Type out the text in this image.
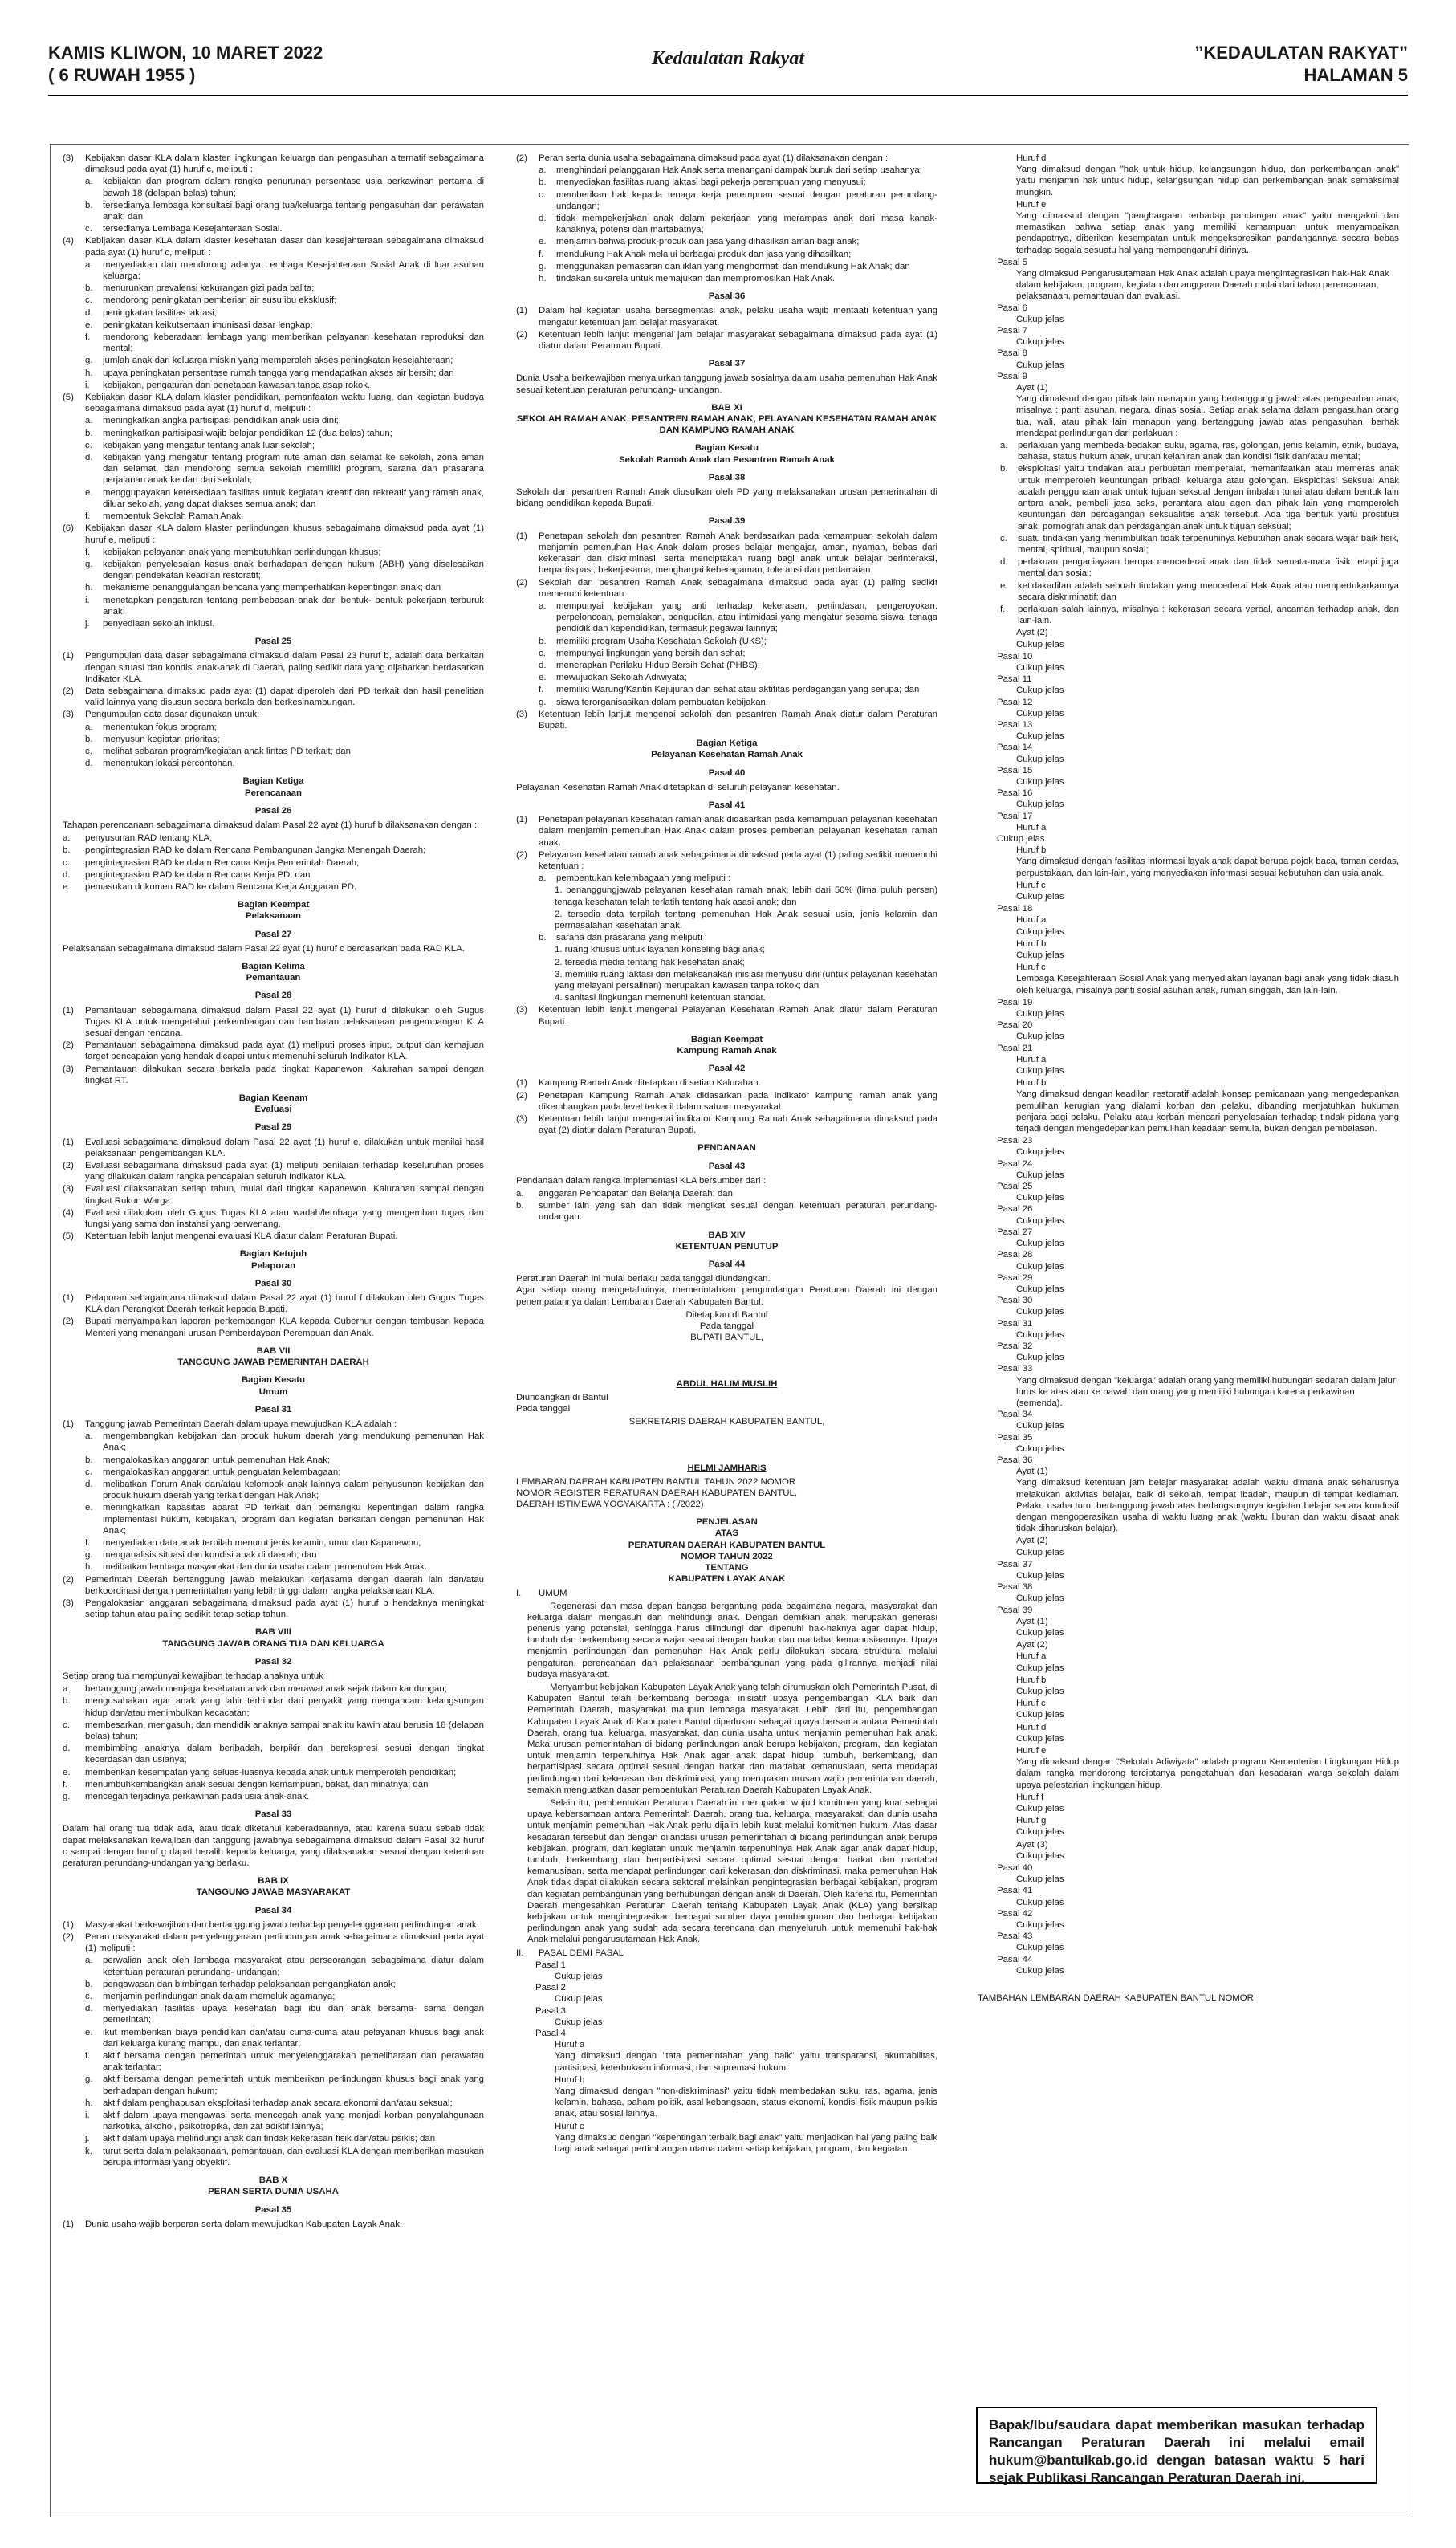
KAMIS KLIWON, 10 MARET 2022
( 6 RUWAH 1955 )
Kedaulatan Rakyat	”KEDAULATAN RAKYAT”
HALAMAN 5
(3) Kebijakan dasar KLA dalam klaster lingkungan keluarga dan pengasuhan alternatif sebagaimana dimaksud pada ayat (1) huruf c, meliputi :
a. kebijakan dan program dalam rangka penurunan persentase usia perkawinan pertama di bawah 18 (delapan belas) tahun;
b. tersedianya lembaga konsultasi bagi orang tua/keluarga tentang pengasuhan dan perawatan anak; dan
c. tersedianya Lembaga Kesejahteraan Sosial.
(4) Kebijakan dasar KLA dalam klaster kesehatan dasar dan kesejahteraan sebagaimana dimaksud pada ayat (1) huruf c, meliputi :
a. menyediakan dan mendorong adanya Lembaga Kesejahteraan Sosial Anak di luar asuhan keluarga;
b. menurunkan prevalensi kekurangan gizi pada balita;
c. mendorong peningkatan pemberian air susu ibu eksklusif;
d. peningkatan fasilitas laktasi;
e. peningkatan keikutsertaan imunisasi dasar lengkap;
f. mendorong keberadaan lembaga yang memberikan pelayanan kesehatan reproduksi dan mental;
g. jumlah anak dari keluarga miskin yang memperoleh akses peningkatan kesejahteraan;
h. upaya peningkatan persentase rumah tangga yang mendapatkan akses air bersih; dan
i. kebijakan, pengaturan dan penetapan kawasan tanpa asap rokok.
(5) Kebijakan dasar KLA dalam klaster pendidikan, pemanfaatan waktu luang, dan kegiatan budaya sebagaimana dimaksud pada ayat (1) huruf d, meliputi :
a. meningkatkan angka partisipasi pendidikan anak usia dini;
b. meningkatkan partisipasi wajib belajar pendidikan 12 (dua belas) tahun;
c. kebijakan yang mengatur tentang anak luar sekolah;
d. kebijakan yang mengatur tentang program rute aman dan selamat ke sekolah, zona aman dan selamat, dan mendorong semua sekolah memiliki program, sarana dan prasarana perjalanan anak ke dan dari sekolah;
e. menggupayakan ketersediaan fasilitas untuk kegiatan kreatif dan rekreatif yang ramah anak, diluar sekolah, yang dapat diakses semua anak; dan
f. membentuk Sekolah Ramah Anak.
(6) Kebijakan dasar KLA dalam klaster perlindungan khusus sebagaimana dimaksud pada ayat (1) huruf e, meliputi :
f. kebijakan pelayanan anak yang membutuhkan perlindungan khusus;
g. kebijakan penyelesaian kasus anak berhadapan dengan hukum (ABH) yang diselesaikan dengan pendekatan keadilan restoratif;
h. mekanisme penanggulangan bencana yang memperhatikan kepentingan anak; dan
i. menetapkan pengaturan tentang pembebasan anak dari bentuk- bentuk pekerjaan terburuk anak;
j. penyediaan sekolah inklusi.
Pasal 25
(1) Pengumpulan data dasar sebagaimana dimaksud dalam Pasal 23 huruf b, adalah data berkaitan dengan situasi dan kondisi anak-anak di Daerah, paling sedikit data yang dijabarkan berdasarkan Indikator KLA.
(2) Data sebagaimana dimaksud pada ayat (1) dapat diperoleh dari PD terkait dan hasil penelitian valid lainnya yang disusun secara berkala dan berkesinambungan.
(3) Pengumpulan data dasar digunakan untuk:
a. menentukan fokus program;
b. menyusun kegiatan prioritas;
c. melihat sebaran program/kegiatan anak lintas PD terkait; dan
d. menentukan lokasi percontohan.
Bagian Ketiga
Perencanaan
Pasal 26
Tahapan perencanaan sebagaimana dimaksud dalam Pasal 22 ayat (1) huruf b dilaksanakan dengan :
a. penyusunan RAD tentang KLA;
b. pengintegrasian RAD ke dalam Rencana Pembangunan Jangka Menengah Daerah;
c. pengintegrasian RAD ke dalam Rencana Kerja Pemerintah Daerah;
d. pengintegrasian RAD ke dalam Rencana Kerja PD; dan
e. pemasukan dokumen RAD ke dalam Rencana Kerja Anggaran PD.
Bagian Keempat
Pelaksanaan
Pasal 27
Pelaksanaan sebagaimana dimaksud dalam Pasal 22 ayat (1) huruf c berdasarkan pada RAD KLA.
Bagian Kelima
Pemantauan
Pasal 28
(1) Pemantauan sebagaimana dimaksud dalam Pasal 22 ayat (1) huruf d dilakukan oleh Gugus Tugas KLA untuk mengetahui perkembangan dan hambatan pelaksanaan pengembangan KLA sesuai dengan rencana.
(2) Pemantauan sebagaimana dimaksud pada ayat (1) meliputi proses input, output dan kemajuan target pencapaian yang hendak dicapai untuk memenuhi seluruh Indikator KLA.
(3) Pemantauan dilakukan secara berkala pada tingkat Kapanewon, Kalurahan sampai dengan tingkat RT.
Bagian Keenam
Evaluasi
Pasal 29
(1) Evaluasi sebagaimana dimaksud dalam Pasal 22 ayat (1) huruf e, dilakukan untuk menilai hasil pelaksanaan pengembangan KLA.
(2) Evaluasi sebagaimana dimaksud pada ayat (1) meliputi penilaian terhadap keseluruhan proses yang dilakukan dalam rangka pencapaian seluruh Indikator KLA.
(3) Evaluasi dilaksanakan setiap tahun, mulai dari tingkat Kapanewon, Kalurahan sampai dengan tingkat Rukun Warga.
(4) Evaluasi dilakukan oleh Gugus Tugas KLA atau wadah/lembaga yang mengemban tugas dan fungsi yang sama dan instansi yang berwenang.
(5) Ketentuan lebih lanjut mengenai evaluasi KLA diatur dalam Peraturan Bupati.
Bagian Ketujuh
Pelaporan
Pasal 30
(1) Pelaporan sebagaimana dimaksud dalam Pasal 22 ayat (1) huruf f dilakukan oleh Gugus Tugas KLA dan Perangkat Daerah terkait kepada Bupati.
(2) Bupati menyampaikan laporan perkembangan KLA kepada Gubernur dengan tembusan kepada Menteri yang menangani urusan Pemberdayaan Perempuan dan Anak.
BAB VII
TANGGUNG JAWAB PEMERINTAH DAERAH
Bagian Kesatu
Umum
Pasal 31
(1) Tanggung jawab Pemerintah Daerah dalam upaya mewujudkan KLA adalah :
a. mengembangkan kebijakan dan produk hukum daerah yang mendukung pemenuhan Hak Anak;
b. mengalokasikan anggaran untuk pemenuhan Hak Anak;
c. mengalokasikan anggaran untuk penguatan kelembagaan;
d. melibatkan Forum Anak dan/atau kelompok anak lainnya dalam penyusunan kebijakan dan produk hukum daerah yang terkait dengan Hak Anak;
e. meningkatkan kapasitas aparat PD terkait dan pemangku kepentingan dalam rangka implementasi hukum, kebijakan, program dan kegiatan berkaitan dengan pemenuhan Hak Anak;
f. menyediakan data anak terpilah menurut jenis kelamin, umur dan Kapanewon;
g. menganalisis situasi dan kondisi anak di daerah; dan
h. melibatkan lembaga masyarakat dan dunia usaha dalam pemenuhan Hak Anak.
(2) Pemerintah Daerah bertanggung jawab melakukan kerjasama dengan daerah lain dan/atau berkoordinasi dengan pemerintahan yang lebih tinggi dalam rangka pelaksanaan KLA.
(3) Pengalokasian anggaran sebagaimana dimaksud pada ayat (1) huruf b hendaknya meningkat setiap tahun atau paling sedikit tetap setiap tahun.
BAB VIII
TANGGUNG JAWAB ORANG TUA DAN KELUARGA
Pasal 32
Setiap orang tua mempunyai kewajiban terhadap anaknya untuk :
a. bertanggung jawab menjaga kesehatan anak dan merawat anak sejak dalam kandungan;
b. mengusahakan agar anak yang lahir terhindar dari penyakit yang mengancam kelangsungan hidup dan/atau menimbulkan kecacatan;
c. membesarkan, mengasuh, dan mendidik anaknya sampai anak itu kawin atau berusia 18 (delapan belas) tahun;
d. membimbing anaknya dalam beribadah, berpikir dan berekspresi sesuai dengan tingkat kecerdasan dan usianya;
e. memberikan kesempatan yang seluas-luasnya kepada anak untuk memperoleh pendidikan;
f. menumbuhkembangkan anak sesuai dengan kemampuan, bakat, dan minatnya; dan
g. mencegah terjadinya perkawinan pada usia anak-anak.
Pasal 33
Dalam hal orang tua tidak ada, atau tidak diketahui keberadaannya, atau karena suatu sebab tidak dapat melaksanakan kewajiban dan tanggung jawabnya sebagaimana dimaksud dalam Pasal 32 huruf c sampai dengan huruf g dapat beralih kepada keluarga, yang dilaksanakan sesuai dengan ketentuan peraturan perundang-undangan yang berlaku.
BAB IX
TANGGUNG JAWAB MASYARAKAT
Pasal 34
(1) Masyarakat berkewajiban dan bertanggung jawab terhadap penyelenggaraan perlindungan anak.
(2) Peran masyarakat dalam penyelenggaraan perlindungan anak sebagaimana dimaksud pada ayat (1) meliputi :
a. perwalian anak oleh lembaga masyarakat atau perseorangan sebagaimana diatur dalam ketentuan peraturan perundang- undangan;
b. pengawasan dan bimbingan terhadap pelaksanaan pengangkatan anak;
c. menjamin perlindungan anak dalam memeluk agamanya;
d. menyediakan fasilitas upaya kesehatan bagi ibu dan anak bersama- sama dengan pemerintah;
e. ikut memberikan biaya pendidikan dan/atau cuma-cuma atau pelayanan khusus bagi anak dari keluarga kurang mampu, dan anak terlantar;
f. aktif bersama dengan pemerintah untuk menyelenggarakan pemeliharaan dan perawatan anak terlantar;
g. aktif bersama dengan pemerintah untuk memberikan perlindungan khusus bagi anak yang berhadapan dengan hukum;
h. aktif dalam penghapusan eksploitasi terhadap anak secara ekonomi dan/atau seksual;
i. aktif dalam upaya mengawasi serta mencegah anak yang menjadi korban penyalahgunaan narkotika, alkohol, psikotropika, dan zat adiktif lainnya;
j. aktif dalam upaya melindungi anak dari tindak kekerasan fisik dan/atau psikis; dan
k. turut serta dalam pelaksanaan, pemantauan, dan evaluasi KLA dengan memberikan masukan berupa informasi yang obyektif.
BAB X
PERAN SERTA DUNIA USAHA
Pasal 35
(1) Dunia usaha wajib berperan serta dalam mewujudkan Kabupaten Layak Anak.
(2) Peran serta dunia usaha sebagaimana dimaksud pada ayat (1) dilaksanakan dengan :
a. menghindari pelanggaran Hak Anak serta menangani dampak buruk dari setiap usahanya;
b. menyediakan fasilitas ruang laktasi bagi pekerja perempuan yang menyusui;
c. memberikan hak kepada tenaga kerja perempuan sesuai dengan peraturan perundang- undangan;
d. tidak mempekerjakan anak dalam pekerjaan yang merampas anak dari masa kanak-kanaknya, potensi dan martabatnya;
e. menjamin bahwa produk-procuk dan jasa yang dihasilkan aman bagi anak;
f. mendukung Hak Anak melalui berbagai produk dan jasa yang dihasilkan;
g. menggunakan pemasaran dan iklan yang menghormati dan mendukung Hak Anak; dan
h. tindakan sukarela untuk memajukan dan mempromosikan Hak Anak.
Pasal 36
(1) Dalam hal kegiatan usaha bersegmentasi anak, pelaku usaha wajib mentaati ketentuan yang mengatur ketentuan jam belajar masyarakat.
(2) Ketentuan lebih lanjut mengenai jam belajar masyarakat sebagaimana dimaksud pada ayat (1) diatur dalam Peraturan Bupati.
Pasal 37
Dunia Usaha berkewajiban menyalurkan tanggung jawab sosialnya dalam usaha pemenuhan Hak Anak sesuai ketentuan peraturan perundang- undangan.
BAB XI
SEKOLAH RAMAH ANAK, PESANTREN RAMAH ANAK, PELAYANAN KESEHATAN RAMAH ANAK DAN KAMPUNG RAMAH ANAK
Bagian Kesatu
Sekolah Ramah Anak dan Pesantren Ramah Anak
Pasal 38
Sekolah dan pesantren Ramah Anak diusulkan oleh PD yang melaksanakan urusan pemerintahan di bidang pendidikan kepada Bupati.
Pasal 39
(1) Penetapan sekolah dan pesantren Ramah Anak berdasarkan pada kemampuan sekolah dalam menjamin pemenuhan Hak Anak dalam proses belajar mengajar, aman, nyaman, bebas dari kekerasan dan diskriminasi, serta menciptakan ruang bagi anak untuk belajar berinteraksi, berpartisipasi, bekerjasama, menghargai keberagaman, toleransi dan perdamaian.
(2) Sekolah dan pesantren Ramah Anak sebagaimana dimaksud pada ayat (1) paling sedikit memenuhi ketentuan :
a. mempunyai kebijakan yang anti terhadap kekerasan, penindasan, pengeroyokan, perpeloncoan, pemalakan, pengucilan, atau intimidasi yang mengatur sesama siswa, tenaga pendidik dan kependidikan, termasuk pegawai lainnya;
b. memiliki program Usaha Kesehatan Sekolah (UKS);
c. mempunyai lingkungan yang bersih dan sehat;
d. menerapkan Perilaku Hidup Bersih Sehat (PHBS);
e. mewujudkan Sekolah Adiwiyata;
f. memiliki Warung/Kantin Kejujuran dan sehat atau aktifitas perdagangan yang serupa; dan
g. siswa terorganisasikan dalam pembuatan kebijakan.
(3) Ketentuan lebih lanjut mengenai sekolah dan pesantren Ramah Anak diatur dalam Peraturan Bupati.
Bagian Ketiga
Pelayanan Kesehatan Ramah Anak
Pasal 40
Pelayanan Kesehatan Ramah Anak ditetapkan di seluruh pelayanan kesehatan.
Pasal 41
(1) Penetapan pelayanan kesehatan ramah anak didasarkan pada kemampuan pelayanan kesehatan dalam menjamin pemenuhan Hak Anak dalam proses pemberian pelayanan kesehatan ramah anak.
(2) Pelayanan kesehatan ramah anak sebagaimana dimaksud pada ayat (1) paling sedikit memenuhi ketentuan :
a. pembentukan kelembagaan yang meliputi :
1. penanggungjawab pelayanan kesehatan ramah anak, lebih dari 50% (lima puluh persen) tenaga kesehatan telah terlatih tentang hak asasi anak; dan
2. tersedia data terpilah tentang pemenuhan Hak Anak sesuai usia, jenis kelamin dan permasalahan kesehatan anak.
b. sarana dan prasarana yang meliputi :
1. ruang khusus untuk layanan konseling bagi anak;
2. tersedia media tentang hak kesehatan anak;
3. memiliki ruang laktasi dan melaksanakan inisiasi menyusu dini (untuk pelayanan kesehatan yang melayani persalinan) merupakan kawasan tanpa rokok; dan
4. sanitasi lingkungan memenuhi ketentuan standar.
(3) Ketentuan lebih lanjut mengenai Pelayanan Kesehatan Ramah Anak diatur dalam Peraturan Bupati.
Bagian Keempat
Kampung Ramah Anak
Pasal 42
(1) Kampung Ramah Anak ditetapkan di setiap Kalurahan.
(2) Penetapan Kampung Ramah Anak didasarkan pada indikator kampung ramah anak yang dikembangkan pada level terkecil dalam satuan masyarakat.
(3) Ketentuan lebih lanjut mengenai indikator Kampung Ramah Anak sebagaimana dimaksud pada ayat (2) diatur dalam Peraturan Bupati.
PENDANAAN
Pasal 43
Pendanaan dalam rangka implementasi KLA bersumber dari :
a. anggaran Pendapatan dan Belanja Daerah; dan
b. sumber lain yang sah dan tidak mengikat sesuai dengan ketentuan peraturan perundang- undangan.
BAB XIV
KETENTUAN PENUTUP
Pasal 44
Peraturan Daerah ini mulai berlaku pada tanggal diundangkan.
Agar setiap orang mengetahuinya, memerintahkan pengundangan Peraturan Daerah ini dengan penempatannya dalam Lembaran Daerah Kabupaten Bantul.
Ditetapkan di Bantul
Pada tanggal
BUPATI BANTUL,
ABDUL HALIM MUSLIH
Diundangkan di Bantul
Pada tanggal
SEKRETARIS DAERAH KABUPATEN BANTUL,
HELMI JAMHARIS
LEMBARAN DAERAH KABUPATEN BANTUL TAHUN 2022 NOMOR
NOMOR REGISTER PERATURAN DAERAH KABUPATEN BANTUL,
DAERAH ISTIMEWA YOGYAKARTA : ( /2022)
PENJELASAN
ATAS
PERATURAN DAERAH KABUPATEN BANTUL
NOMOR TAHUN 2022
TENTANG
KABUPATEN LAYAK ANAK
I. UMUM
Regenerasi dan masa depan bangsa bergantung pada bagaimana negara, masyarakat dan keluarga dalam mengasuh dan melindungi anak. Dengan demikian anak merupakan generasi penerus yang potensial, sehingga harus dilindungi dan dipenuhi hak-haknya agar dapat hidup, tumbuh dan berkembang secara wajar sesuai dengan harkat dan martabat kemanusiaannya. Upaya menjamin perlindungan dan pemenuhan Hak Anak perlu dilakukan secara struktural melalui pengaturan, perencanaan dan pelaksanaan pembangunan yang pada gilirannya menjadi nilai budaya masyarakat.
Menyambut kebijakan Kabupaten Layak Anak yang telah dirumuskan oleh Pemerintah Pusat, di Kabupaten Bantul telah berkembang berbagai inisiatif upaya pengembangan KLA baik dari Pemerintah Daerah, masyarakat maupun lembaga masyarakat. Lebih dari itu, pengembangan Kabupaten Layak Anak di Kabupaten Bantul diperlukan sebagai upaya bersama antara Pemerintah Daerah, orang tua, keluarga, masyarakat, dan dunia usaha untuk menjamin pemenuhan hak anak. Maka urusan pemerintahan di bidang perlindungan anak berupa kebijakan, program, dan kegiatan untuk menjamin terpenuhinya Hak Anak agar anak dapat hidup, tumbuh, berkembang, dan berpartisipasi secara optimal sesuai dengan harkat dan martabat kemanusiaan, serta mendapat perlindungan dari kekerasan dan diskriminasi, yang merupakan urusan wajib pemerintahan daerah, semakin menguatkan dasar pembentukan Peraturan Daerah Kabupaten Layak Anak.
Selain itu, pembentukan Peraturan Daerah ini merupakan wujud komitmen yang kuat sebagai upaya kebersamaan antara Pemerintah Daerah, orang tua, keluarga, masyarakat, dan dunia usaha untuk menjamin pemenuhan Hak Anak perlu dijalin lebih kuat melalui komitmen hukum. Atas dasar kesadaran tersebut dan dengan dilandasi urusan pemerintahan di bidang perlindungan anak berupa kebijakan, program, dan kegiatan untuk menjamin terpenuhinya Hak Anak agar anak dapat hidup, tumbuh, berkembang dan berpartisipasi secara optimal sesuai dengan harkat dan martabat kemanusiaan, serta mendapat perlindungan dari kekerasan dan diskriminasi, maka pemenuhan Hak Anak tidak dapat dilakukan secara sektoral melainkan pengintegrasian berbagai kebijakan, program dan kegiatan pembangunan yang berhubungan dengan anak di Daerah. Oleh karena itu, Pemerintah Daerah mengesahkan Peraturan Daerah tentang Kabupaten Layak Anak (KLA) yang bersikap kebijakan untuk mengintegrasikan berbagai sumber daya pembangunan dan berbagai kebijakan perlindungan anak yang sudah ada secara terencana dan menyeluruh untuk memenuhi hak-hak Anak melalui pengarusutamaan Hak Anak.
II. PASAL DEMI PASAL
Pasal 1
Cukup jelas
Pasal 2
Cukup jelas
Pasal 3
Cukup jelas
Pasal 4
Huruf a
Yang dimaksud dengan "tata pemerintahan yang baik" yaitu transparansi, akuntabilitas, partisipasi, keterbukaan informasi, dan supremasi hukum.
Huruf b
Yang dimaksud dengan "non-diskriminasi" yaitu tidak membedakan suku, ras, agama, jenis kelamin, bahasa, paham politik, asal kebangsaan, status ekonomi, kondisi fisik maupun psikis anak, atau sosial lainnya.
Huruf c
Yang dimaksud dengan "kepentingan terbaik bagi anak" yaitu menjadikan hal yang paling baik bagi anak sebagai pertimbangan utama dalam setiap kebijakan, program, dan kegiatan.
Huruf d
Yang dimaksud dengan "hak untuk hidup, kelangsungan hidup, dan perkembangan anak" yaitu menjamin hak untuk hidup, kelangsungan hidup dan perkembangan anak semaksimal mungkin.
Huruf e
Yang dimaksud dengan "penghargaan terhadap pandangan anak" yaitu mengakui dan memastikan bahwa setiap anak yang memiliki kemampuan untuk menyampaikan pendapatnya, diberikan kesempatan untuk mengekspresikan pandangannya secara bebas terhadap segala sesuatu hal yang mempengaruhi dirinya.
Pasal 5
Yang dimaksud Pengarusutamaan Hak Anak adalah upaya mengintegrasikan hak-Hak Anak dalam kebijakan, program, kegiatan dan anggaran Daerah mulai dari tahap perencanaan, pelaksanaan, pemantauan dan evaluasi.
Pasal 6
Cukup jelas
Pasal 7
Cukup jelas
Pasal 8
Cukup jelas
Pasal 9
Ayat (1)
Yang dimaksud dengan pihak lain manapun yang bertanggung jawab atas pengasuhan anak, misalnya : panti asuhan, negara, dinas sosial. Setiap anak selama dalam pengasuhan orang tua, wali, atau pihak lain manapun yang bertanggung jawab atas pengasuhan, berhak mendapat perlindungan dari perlakuan :
a. perlakuan yang membeda-bedakan suku, agama, ras, golongan, jenis kelamin, etnik, budaya, bahasa, status hukum anak, urutan kelahiran anak dan kondisi fisik dan/atau mental;
b. eksploitasi yaitu tindakan atau perbuatan memperalat, memanfaatkan atau memeras anak untuk memperoleh keuntungan pribadi, keluarga atau golongan. Eksploitasi Seksual Anak adalah penggunaan anak untuk tujuan seksual dengan imbalan tunai atau dalam bentuk lain antara anak, pembeli jasa seks, perantara atau agen dan pihak lain yang memperoleh keuntungan dari perdagangan seksualitas anak tersebut. Ada tiga bentuk yaitu prostitusi anak, pornografi anak dan perdagangan anak untuk tujuan seksual;
c. suatu tindakan yang menimbulkan tidak terpenuhinya kebutuhan anak secara wajar baik fisik, mental, spiritual, maupun sosial;
d. perlakuan penganiayaan berupa mencederai anak dan tidak semata-mata fisik tetapi juga mental dan sosial;
e. ketidakadilan adalah sebuah tindakan yang mencederai Hak Anak atau mempertukarkannya secara diskriminatif; dan
f. perlakuan salah lainnya, misalnya : kekerasan secara verbal, ancaman terhadap anak, dan lain-lain.
Ayat (2)
Cukup jelas
Pasal 10
Cukup jelas
Pasal 11
Cukup jelas
Pasal 12
Cukup jelas
Pasal 13
Cukup jelas
Pasal 14
Cukup jelas
Pasal 15
Cukup jelas
Pasal 16
Cukup jelas
Pasal 17
Huruf a
Cukup jelas
Huruf b
Yang dimaksud dengan fasilitas informasi layak anak dapat berupa pojok baca, taman cerdas, perpustakaan, dan lain-lain, yang menyediakan informasi sesuai kebutuhan dan usia anak.
Huruf c
Cukup jelas
Pasal 18
Huruf a
Cukup jelas
Huruf b
Cukup jelas
Huruf c
Lembaga Kesejahteraan Sosial Anak yang menyediakan layanan bagi anak yang tidak diasuh oleh keluarga, misalnya panti sosial asuhan anak, rumah singgah, dan lain-lain.
Pasal 19
Cukup jelas
Pasal 20
Cukup jelas
Pasal 21
Huruf a
Cukup jelas
Huruf b
Yang dimaksud dengan keadilan restoratif adalah konsep pemicanaan yang mengedepankan pemulihan kerugian yang dialami korban dan pelaku, dibanding menjatuhkan hukuman penjara bagi pelaku. Pelaku atau korban mencari penyelesaian terhadap tindak pidana yang terjadi dengan mengedepankan pemulihan keadaan semula, bukan dengan pembalasan.
Pasal 23
Cukup jelas
Pasal 24
Cukup jelas
Pasal 25
Cukup jelas
Pasal 26
Cukup jelas
Pasal 27
Cukup jelas
Pasal 28
Cukup jelas
Pasal 29
Cukup jelas
Pasal 30
Cukup jelas
Pasal 31
Cukup jelas
Pasal 32
Cukup jelas
Pasal 33
Yang dimaksud dengan "keluarga" adalah orang yang memiliki hubungan sedarah dalam jalur lurus ke atas atau ke bawah dan orang yang memiliki hubungan karena perkawinan (semenda).
Pasal 34
Cukup jelas
Pasal 35
Cukup jelas
Pasal 36
Ayat (1)
Yang dimaksud ketentuan jam belajar masyarakat adalah waktu dimana anak seharusnya melakukan aktivitas belajar, baik di sekolah, tempat ibadah, maupun di tempat kediaman. Pelaku usaha turut bertanggung jawab atas berlangsungnya kegiatan belajar secara kondusif dengan mengoperasikan usaha di waktu luang anak (waktu liburan dan waktu disaat anak tidak diharuskan belajar).
Ayat (2)
Cukup jelas
Pasal 37
Cukup jelas
Pasal 38
Cukup jelas
Pasal 39
Ayat (1)
Cukup jelas
Ayat (2)
Huruf a
Cukup jelas
Huruf b
Cukup jelas
Huruf c
Cukup jelas
Huruf d
Cukup jelas
Huruf e
Yang dimaksud dengan "Sekolah Adiwiyata" adalah program Kementerian Lingkungan Hidup dalam rangka mendorong terciptanya pengetahuan dan kesadaran warga sekolah dalam upaya pelestarian lingkungan hidup.
Huruf f
Cukup jelas
Huruf g
Cukup jelas
Ayat (3)
Cukup jelas
Pasal 40
Cukup jelas
Pasal 41
Cukup jelas
Pasal 42
Cukup jelas
Pasal 43
Cukup jelas
Pasal 44
Cukup jelas
TAMBAHAN LEMBARAN DAERAH KABUPATEN BANTUL NOMOR
Bapak/Ibu/saudara dapat memberikan masukan terhadap Rancangan Peraturan Daerah ini melalui email hukum@bantulkab.go.id dengan batasan waktu 5 hari sejak Publikasi Rancangan Peraturan Daerah ini.
